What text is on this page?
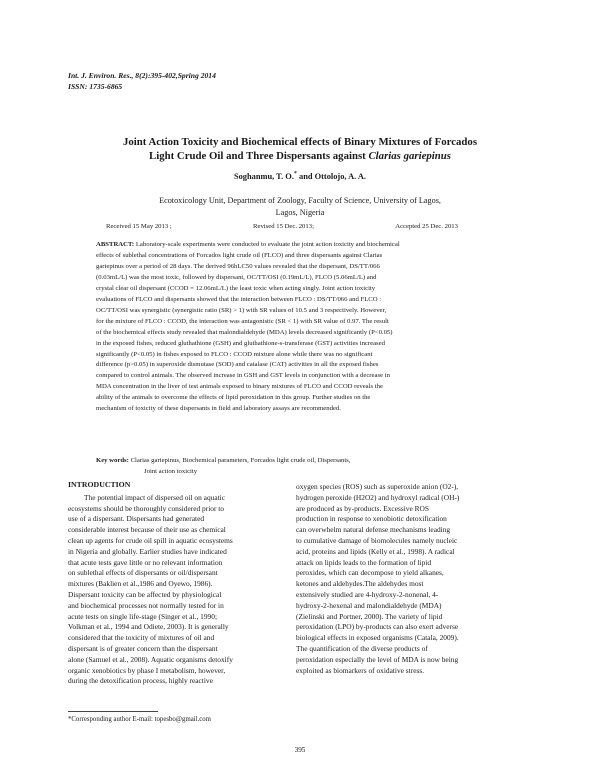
Int. J. Environ. Res., 8(2):395-402,Spring 2014
ISSN: 1735-6865
Joint Action Toxicity and Biochemical effects of Binary Mixtures of Forcados
Light Crude Oil and Three Dispersants against Clarias gariepinus
Soghanmu, T. O.* and Ottolojo, A. A.
Ecotoxicology Unit, Department of Zoology, Faculty of Science, University of Lagos,
Lagos, Nigeria
Received 15 May 2013 ;	Revised 15 Dec. 2013;	Accepted 25 Dec. 2013
ABSTRACT: Laboratory-scale experiments were conducted to evaluate the joint action toxicity and biochemical
effects of sublethal concentrations of Forcados light crude oil (FLCO) and three dispersants against Clarias
gariepinus over a period of 28 days. The derived 96hLC50 values revealed that the dispersant, DS/TT/066
(0.03mL/L) was the most toxic, followed by dispersant, OC/TT/OSI (0.19mL/L), FLCO (5.06mL/L) and
crystal clear oil dispersant (CCOD = 12.06mL/L) the least toxic when acting singly. Joint action toxicity
evaluations of FLCO and dispersants showed that the interaction between FLCO : DS/TT/066 and FLCO :
OC/TT/OSI was synergistic (synergistic ratio (SR) > 1) with SR values of 10.5 and 3 respectively. However,
for the mixture of FLCO : CCOD, the interaction was antagonistic (SR < 1) with SR value of 0.97. The result
of the biochemical effects study revealed that malondialdehyde (MDA) levels decreased significantly (P<0.05)
in the exposed fishes, reduced gluthathione (GSH) and gluthathione-s-transferase (GST) activities increased
significantly (P<0.05) in fishes exposed to FLCO : CCOD mixture alone while there was no significant
difference (p>0.05) in superoxide dismutase (SOD) and catalase (CAT) activities in all the exposed fishes
compared to control animals. The observed increase in GSH and GST levels in conjunction with a decrease in
MDA concentration in the liver of test animals exposed to binary mixtures of FLCO and CCOD reveals the
ability of the animals to overcome the effects of lipid peroxidation in this group. Further studies on the
mechanism of toxicity of these dispersants in field and laboratory assays are recommended.
Key words: Clarias gariepinus, Biochemical parameters, Forcados light crude oil, Dispersants,
Joint action toxicity
INTRODUCTION
The potential impact of dispersed oil on aquatic
ecosystems should be thoroughly considered prior to
use of a dispersant. Dispersants had generated
considerable interest because of their use as chemical
clean up agents for crude oil spill in aquatic ecosystems
in Nigeria and globally. Earlier studies have indicated
that acute tests gave little or no relevant information
on sublethal effects of dispersants or oil/dispersant
mixtures (Baklien et al.,1986 and Oyewo, 1986).
Dispersant toxicity can be affected by physiological
and biochemical processes not normally tested for in
acute tests on single life-stage (Singer et al., 1990;
Volkman et al., 1994 and Odiete, 2003). It is generally
considered that the toxicity of mixtures of oil and
dispersant is of greater concern than the dispersant
alone (Samuel et al., 2008). Aquatic organisms detoxify
organic xenobiotics by phase I metabolism, however,
during the detoxification process, highly reactive
oxygen species (ROS) such as superoxide anion (O2-),
hydrogen peroxide (H2O2) and hydroxyl radical (OH-)
are produced as by-products. Excessive ROS
production in response to xenobiotic detoxification
can overwhelm natural defense mechanisms leading
to cumulative damage of biomolecules namely nucleic
acid, proteins and lipids (Kelly et al., 1998). A radical
attack on lipids leads to the formation of lipid
peroxides, which can decompose to yield alkanes,
ketones and aldehydes.The aldehydes most
extensively studied are 4-hydroxy-2-nonenal, 4-
hydroxy-2-hexenal and malondialdehyde (MDA)
(Zielinski and Portner, 2000). The variety of lipid
peroxidation (LPO) by-products can also exert adverse
biological effects in exposed organisms (Catala, 2009).
The quantification of the diverse products of
peroxidation especially the level of MDA is now being
exploited as biomarkers of oxidative stress.
*Corresponding author E-mail: topesbo@gmail.com
395
